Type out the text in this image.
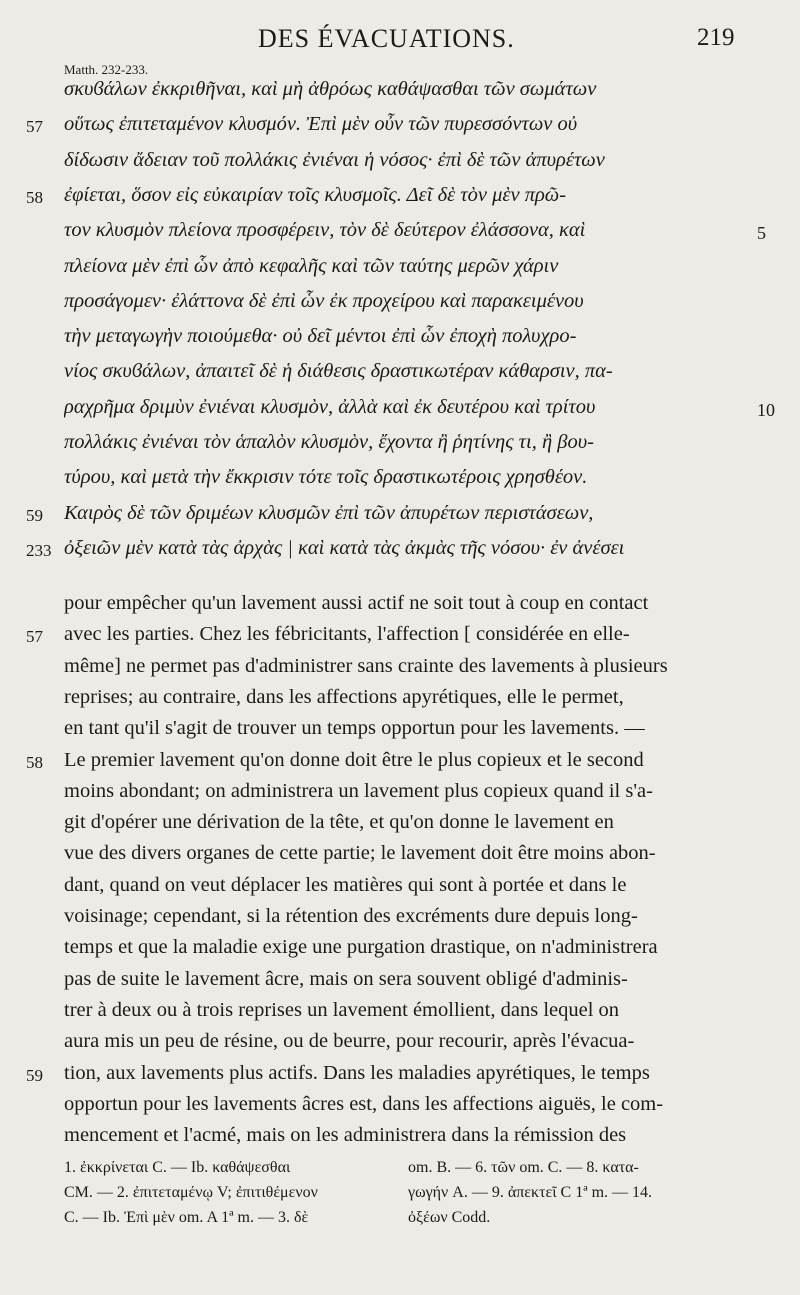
DES ÉVACUATIONS.	219
Matth. 232-233.
σκυϐάλων ἐκκριθῆναι, καὶ μὴ ἀθρόως καθάψασθαι τῶν σωμάτων
οὕτως ἐπιτεταμένον κλυσμόν. Ἐπὶ μὲν οὖν τῶν πυρεσσόντων οὐ
57
δίδωσιν ἄδειαν τοῦ πολλάκις ἐνιέναι ἡ νόσος· ἐπὶ δὲ τῶν ἀπυρέτων
ἐφίεται, ὅσον εἰς εὐκαιρίαν τοῖς κλυσμοῖς. Δεῖ δὲ τὸν μὲν πρῶ-
58
τον κλυσμὸν πλείονα προσφέρειν, τὸν δὲ δεύτερον ἐλάσσονα, καὶ	5
πλείονα μὲν ἐπὶ ὧν ἀπὸ κεφαλῆς καὶ τῶν ταύτης μερῶν χάριν
προσάγομεν· ἐλάττονα δὲ ἐπὶ ὧν ἐκ προχείρου καὶ παρακειμένου
τὴν μεταγωγὴν ποιούμεθα· οὐ δεῖ μέντοι ἐπὶ ὧν ἐποχὴ πολυχρο-
νίος σκυϐάλων, ἀπαιτεῖ δὲ ἡ διάθεσις δραστικωτέραν κάθαρσιν, πα-
ραχρῆμα δριμὺν ἐνιέναι κλυσμὸν, ἀλλὰ καὶ ἐκ δευτέρου καὶ τρίτου	10
πολλάκις ἐνιέναι τὸν ἁπαλὸν κλυσμὸν, ἔχοντα ἢ ῥητίνης τι, ἢ βου-
τύρου, καὶ μετὰ τὴν ἔκκρισιν τότε τοῖς δραστικωτέροις χρησθέον.
Καιρὸς δὲ τῶν δριμέων κλυσμῶν ἐπὶ τῶν ἀπυρέτων περιστάσεων,
59
ὀξειῶν μὲν κατὰ τὰς ἀρχὰς | καὶ κατὰ τὰς ἀκμὰς τῆς νόσου· ἐν ἀνέσει
233
pour empêcher qu'un lavement aussi actif ne soit tout à coup en contact
avec les parties. Chez les fébricitants, l'affection [ considérée en elle-
57
même] ne permet pas d'administrer sans crainte des lavements à plusieurs
reprises; au contraire, dans les affections apyrétiques, elle le permet,
en tant qu'il s'agit de trouver un temps opportun pour les lavements. —
Le premier lavement qu'on donne doit être le plus copieux et le second
58
moins abondant; on administrera un lavement plus copieux quand il s'a-
git d'opérer une dérivation de la tête, et qu'on donne le lavement en
vue des divers organes de cette partie; le lavement doit être moins abon-
dant, quand on veut déplacer les matières qui sont à portée et dans le
voisinage; cependant, si la rétention des excréments dure depuis long-
temps et que la maladie exige une purgation drastique, on n'administrera
pas de suite le lavement âcre, mais on sera souvent obligé d'adminis-
trer à deux ou à trois reprises un lavement émollient, dans lequel on
aura mis un peu de résine, ou de beurre, pour recourir, après l'évacua-
tion, aux lavements plus actifs. Dans les maladies apyrétiques, le temps
59
opportun pour les lavements âcres est, dans les affections aiguës, le com-
mencement et l'acmé, mais on les administrera dans la rémission des
1. ἐκκρίνεται C. — Ib. καθάψεσθαι
CM. — 2. ἐπιτεταμένῳ V; ἐπιτιθέμενον
C. — Ib. Ἐπὶ μὲν om. A 1ª m. — 3. δὲ
om. B. — 6. τῶν om. C. — 8. κατα-
γωγήν A. — 9. ἀπεκτεῖ C 1ª m. — 14.
ὀξέων Codd.
